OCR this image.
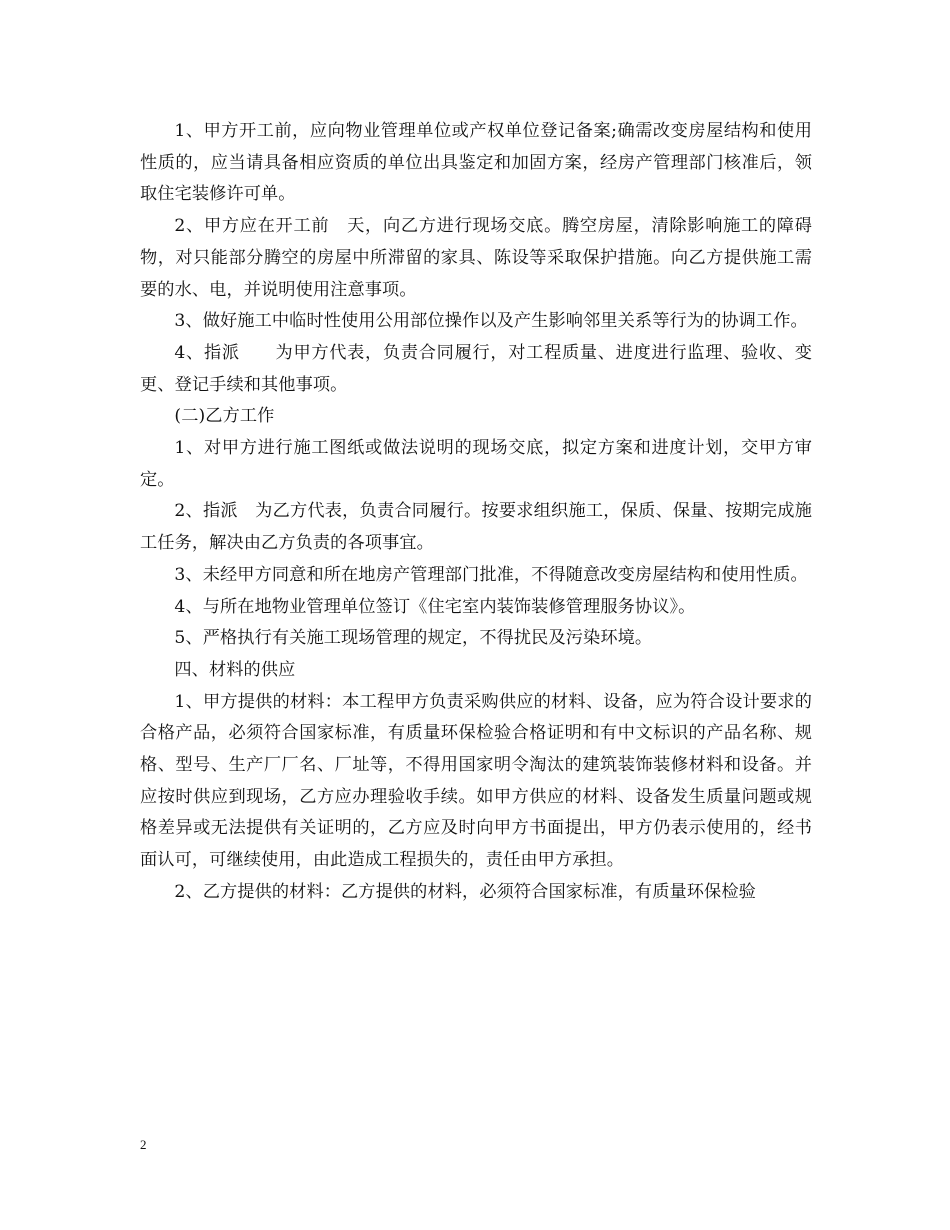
1、甲方开工前，应向物业管理单位或产权单位登记备案;确需改变房屋结构和使用性质的，应当请具备相应资质的单位出具鉴定和加固方案，经房产管理部门核准后，领取住宅装修许可单。

2、甲方应在开工前　天，向乙方进行现场交底。腾空房屋，清除影响施工的障碍物，对只能部分腾空的房屋中所滞留的家具、陈设等采取保护措施。向乙方提供施工需要的水、电，并说明使用注意事项。

3、做好施工中临时性使用公用部位操作以及产生影响邻里关系等行为的协调工作。

4、指派　　为甲方代表，负责合同履行，对工程质量、进度进行监理、验收、变更、登记手续和其他事项。

(二)乙方工作

1、对甲方进行施工图纸或做法说明的现场交底，拟定方案和进度计划，交甲方审定。

2、指派　为乙方代表，负责合同履行。按要求组织施工，保质、保量、按期完成施工任务，解决由乙方负责的各项事宜。

3、未经甲方同意和所在地房产管理部门批准，不得随意改变房屋结构和使用性质。

4、与所在地物业管理单位签订《住宅室内装饰装修管理服务协议》。

5、严格执行有关施工现场管理的规定，不得扰民及污染环境。

四、材料的供应

1、甲方提供的材料：本工程甲方负责采购供应的材料、设备，应为符合设计要求的合格产品，必须符合国家标准，有质量环保检验合格证明和有中文标识的产品名称、规格、型号、生产厂厂名、厂址等，不得用国家明令淘汰的建筑装饰装修材料和设备。并应按时供应到现场，乙方应办理验收手续。如甲方供应的材料、设备发生质量问题或规格差异或无法提供有关证明的，乙方应及时向甲方书面提出，甲方仍表示使用的，经书面认可，可继续使用，由此造成工程损失的，责任由甲方承担。

2、乙方提供的材料：乙方提供的材料，必须符合国家标准，有质量环保检验

2
